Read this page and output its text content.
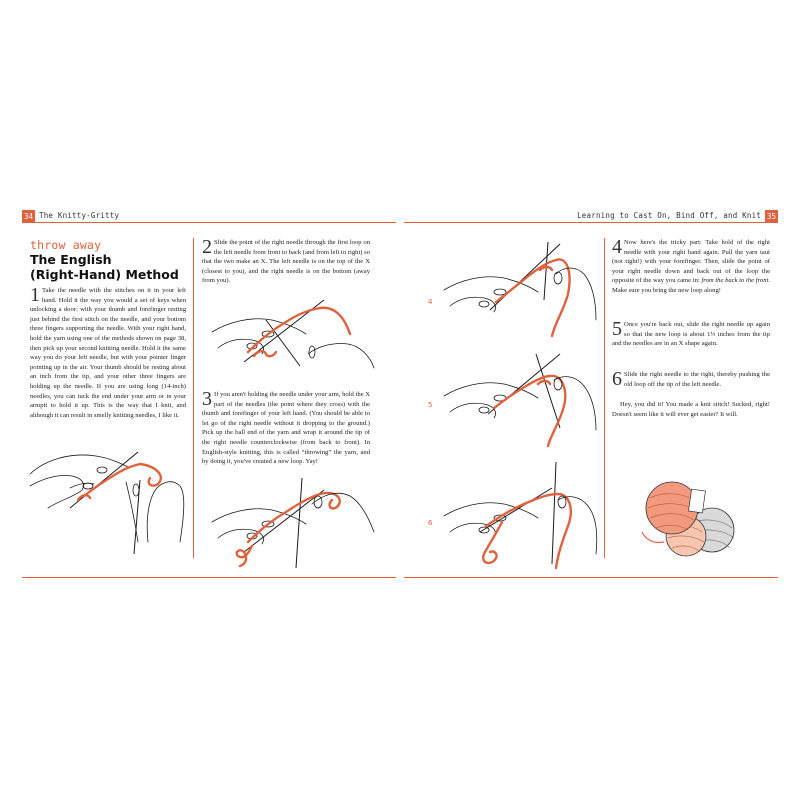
34 The Knitty-Gritty
throw away
The English
(Right-Hand) Method
1 Take the needle with the stitches on it in your left hand. Hold it the way you would a set of keys when unlocking a door: with your thumb and forefinger resting just behind the first stitch on the needle, and your bottom three fingers supporting the needle. With your right hand, hold the yarn using one of the methods shown on page 38, then pick up your second knitting needle. Hold it the same way you do your left needle, but with your pointer finger pointing up in the air. Your thumb should be resting about an inch from the tip, and your other three fingers are holding up the needle. If you are using long (14-inch) needles, you can tuck the end under your arm or in your armpit to hold it up. This is the way that I knit, and although it can result in smelly knitting needles, I like it.
2 Slide the point of the right needle through the first loop on the left needle from front to back (and from left to right) so that the two make an X. The left needle is on the top of the X (closest to you), and the right needle is on the bottom (away from you).
3 If you aren't holding the needle under your arm, hold the X part of the needles (the point where they cross) with the thumb and forefinger of your left hand. (You should be able to let go of the right needle without it dropping to the ground.) Pick up the ball end of the yarn and wrap it around the tip of the right needle counterclockwise (from back to front). In English-style knitting, this is called “throwing” the yarn, and by doing it, you've created a new loop. Yay!
Learning to Cast On, Bind Off, and Knit 35
4
5
6
4 Now here's the tricky part: Take hold of the right needle with your right hand again. Pull the yarn taut (not tight!) with your forefinger. Then, slide the point of your right needle down and back out of the loop the opposite of the way you came in: from the back to the front. Make sure you bring the new loop along!
5 Once you're back out, slide the right needle up again so that the new loop is about 1½ inches from the tip and the needles are in an X shape again.
6 Slide the right needle to the right, thereby pushing the old loop off the tip of the left needle.
Hey, you did it! You made a knit stitch! Sucked, right! Doesn't seem like it will ever get easier? It will.
